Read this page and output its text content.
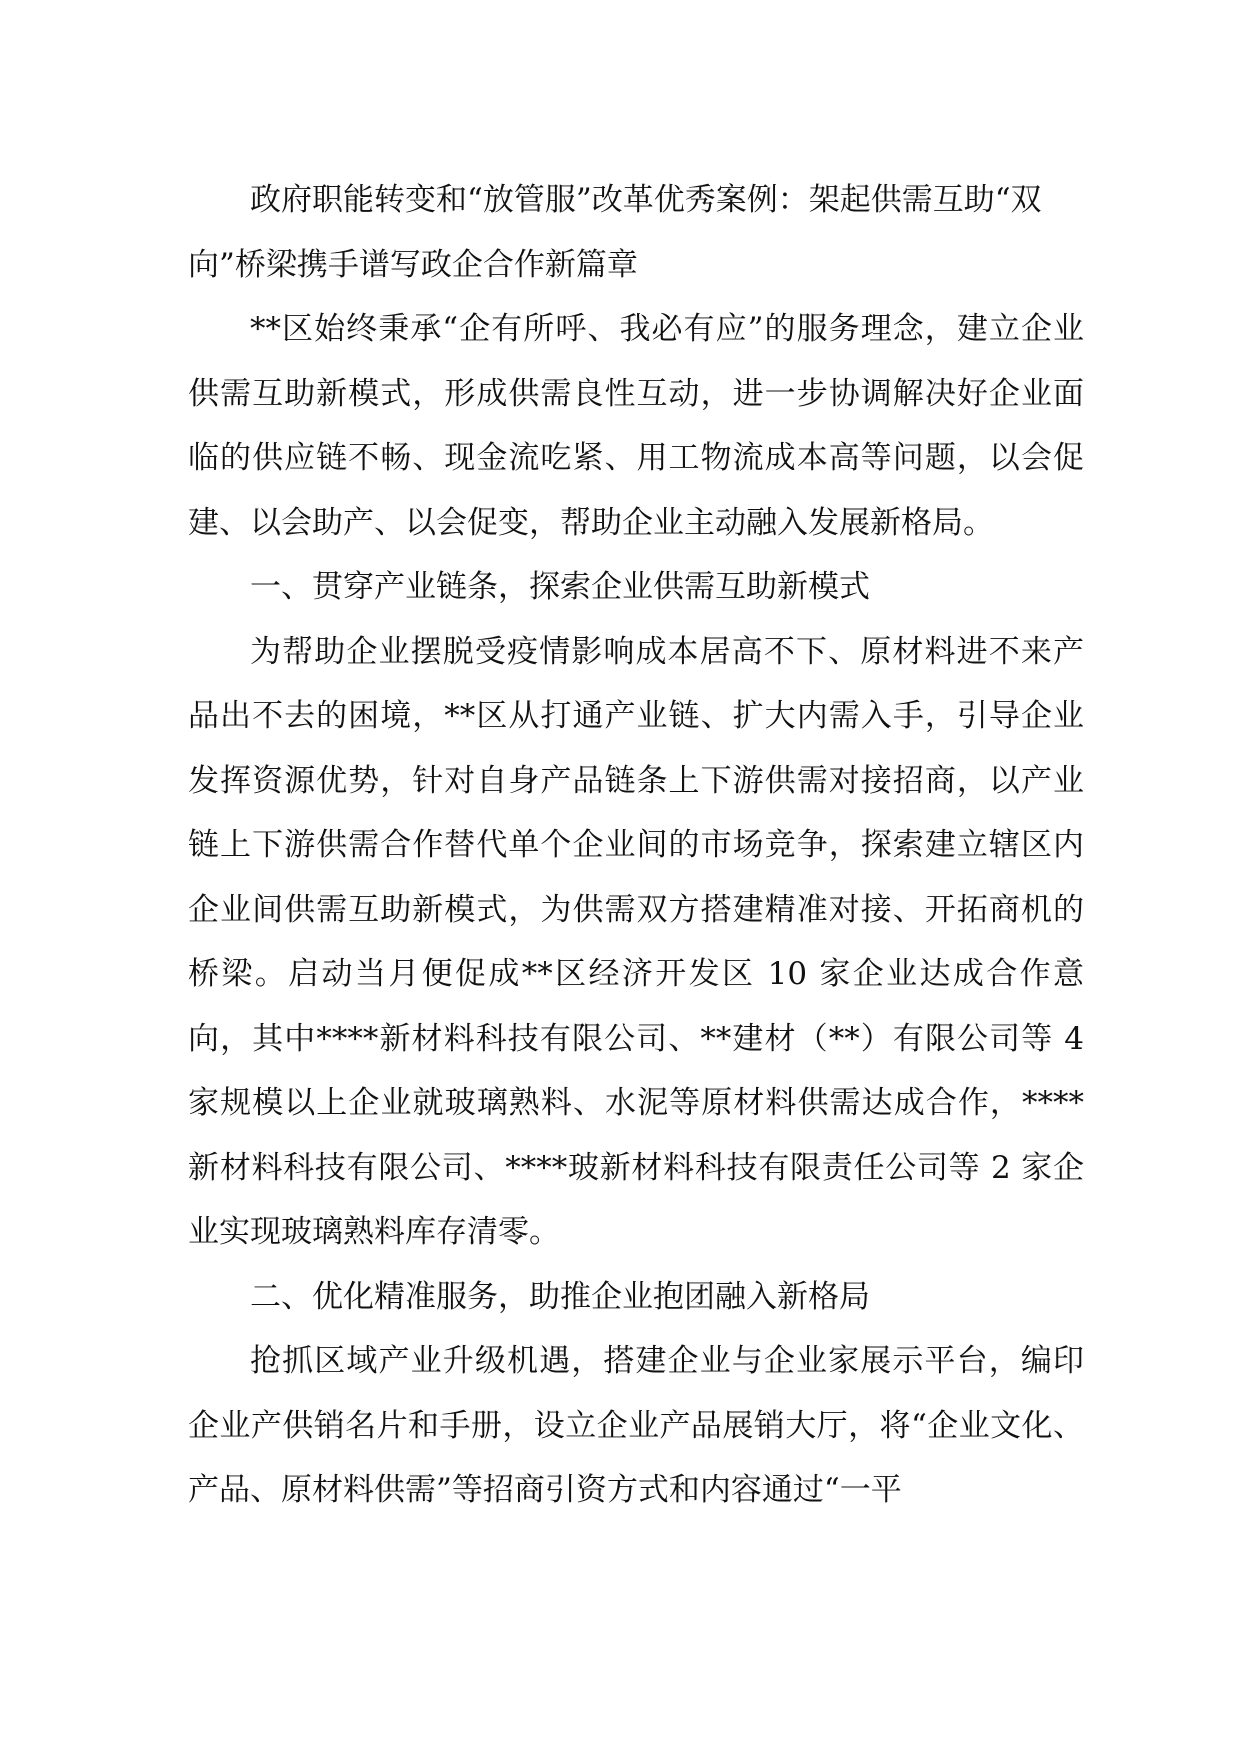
政府职能转变和“放管服”改革优秀案例：架起供需互助“双向”桥梁携手谱写政企合作新篇章

**区始终秉承“企有所呼、我必有应”的服务理念，建立企业供需互助新模式，形成供需良性互动，进一步协调解决好企业面临的供应链不畅、现金流吃紧、用工物流成本高等问题，以会促建、以会助产、以会促变，帮助企业主动融入发展新格局。

一、贯穿产业链条，探索企业供需互助新模式

为帮助企业摆脱受疫情影响成本居高不下、原材料进不来产品出不去的困境，**区从打通产业链、扩大内需入手，引导企业发挥资源优势，针对自身产品链条上下游供需对接招商，以产业链上下游供需合作替代单个企业间的市场竞争，探索建立辖区内企业间供需互助新模式，为供需双方搭建精准对接、开拓商机的桥梁。启动当月便促成**区经济开发区 10 家企业达成合作意向，其中****新材料科技有限公司、**建材（**）有限公司等 4 家规模以上企业就玻璃熟料、水泥等原材料供需达成合作，****新材料科技有限公司、****玻新材料科技有限责任公司等 2 家企业实现玻璃熟料库存清零。

二、优化精准服务，助推企业抱团融入新格局

抢抓区域产业升级机遇，搭建企业与企业家展示平台，编印企业产供销名片和手册，设立企业产品展销大厅，将“企业文化、产品、原材料供需”等招商引资方式和内容通过“一平
